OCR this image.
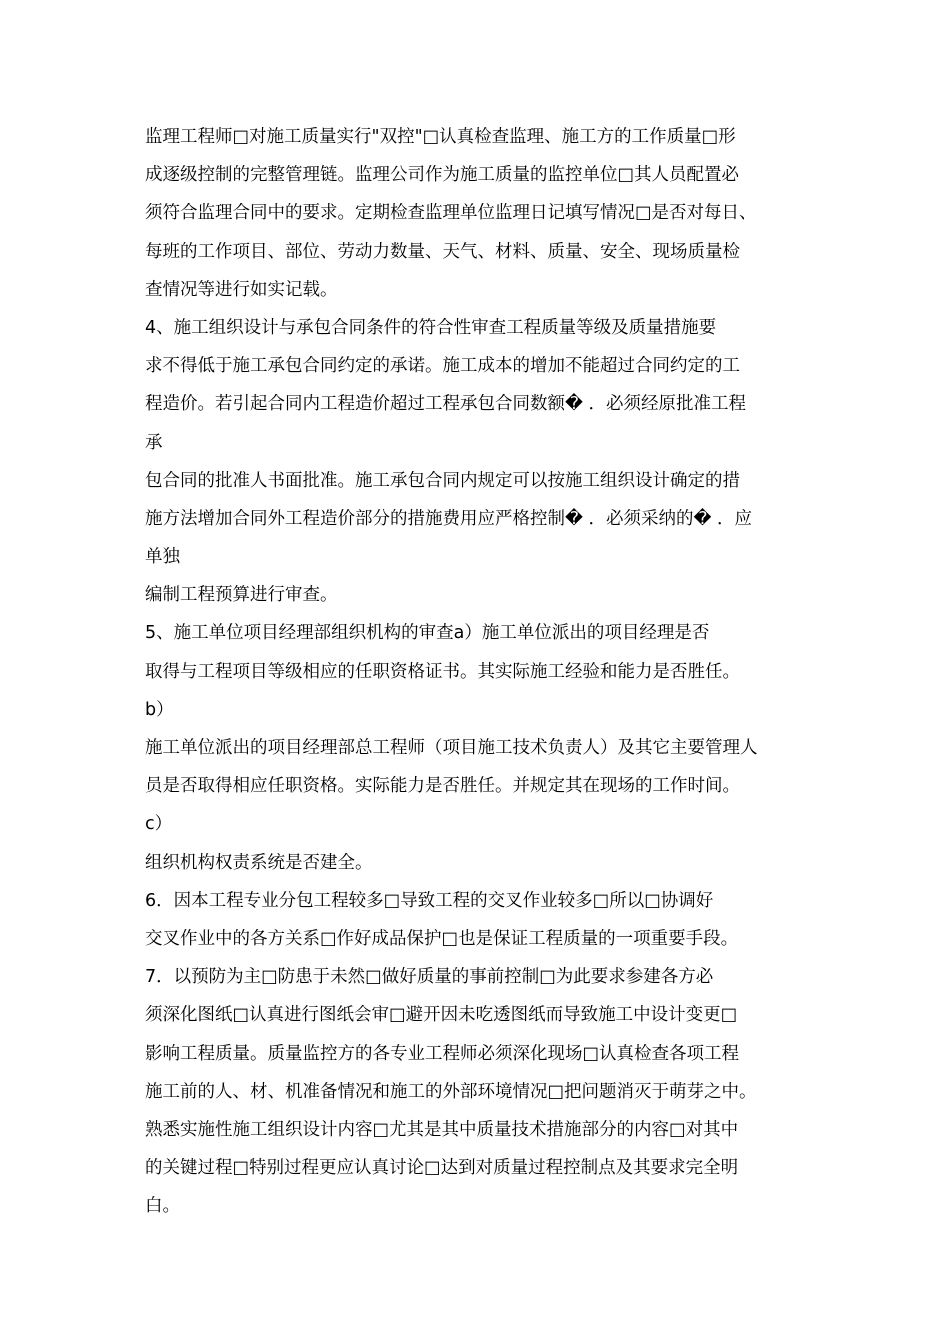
监理工程师□对施工质量实行"双控"□认真检查监理、施工方的工作质量□形
成逐级控制的完整管理链。监理公司作为施工质量的监控单位□其人员配置必
须符合监理合同中的要求。定期检查监理单位监理日记填写情况□是否对每日、
每班的工作项目、部位、劳动力数量、天气、材料、质量、安全、现场质量检
查情况等进行如实记载。
4、施工组织设计与承包合同条件的符合性审查工程质量等级及质量措施要
求不得低于施工承包合同约定的承诺。施工成本的增加不能超过合同约定的工
程造价。若引起合同内工程造价超过工程承包合同数额� ．必须经原批准工程
承
包合同的批准人书面批准。施工承包合同内规定可以按施工组织设计确定的措
施方法增加合同外工程造价部分的措施费用应严格控制� ．必须采纳的� ．应
单独
编制工程预算进行审查。
5、施工单位项目经理部组织机构的审查a）施工单位派出的项目经理是否
取得与工程项目等级相应的任职资格证书。其实际施工经验和能力是否胜任。
b）
施工单位派出的项目经理部总工程师（项目施工技术负责人）及其它主要管理人
员是否取得相应任职资格。实际能力是否胜任。并规定其在现场的工作时间。
c）
组织机构权责系统是否建全。
6．因本工程专业分包工程较多□导致工程的交叉作业较多□所以□协调好
交叉作业中的各方关系□作好成品保护□也是保证工程质量的一项重要手段。
7．以预防为主□防患于未然□做好质量的事前控制□为此要求参建各方必
须深化图纸□认真进行图纸会审□避开因未吃透图纸而导致施工中设计变更□
影响工程质量。质量监控方的各专业工程师必须深化现场□认真检查各项工程
施工前的人、材、机准备情况和施工的外部环境情况□把问题消灭于萌芽之中。
熟悉实施性施工组织设计内容□尤其是其中质量技术措施部分的内容□对其中
的关键过程□特别过程更应认真讨论□达到对质量过程控制点及其要求完全明
白。
